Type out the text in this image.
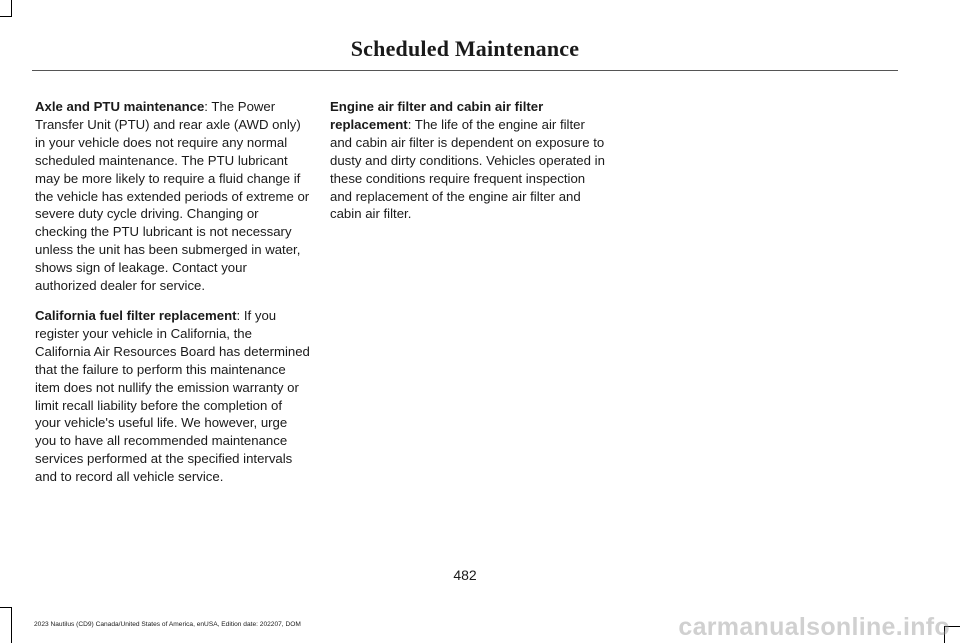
Scheduled Maintenance

Axle and PTU maintenance: The Power Transfer Unit (PTU) and rear axle (AWD only) in your vehicle does not require any normal scheduled maintenance. The PTU lubricant may be more likely to require a fluid change if the vehicle has extended periods of extreme or severe duty cycle driving. Changing or checking the PTU lubricant is not necessary unless the unit has been submerged in water, shows sign of leakage. Contact your authorized dealer for service.

California fuel filter replacement: If you register your vehicle in California, the California Air Resources Board has determined that the failure to perform this maintenance item does not nullify the emission warranty or limit recall liability before the completion of your vehicle's useful life. We however, urge you to have all recommended maintenance services performed at the specified intervals and to record all vehicle service.

Engine air filter and cabin air filter replacement: The life of the engine air filter and cabin air filter is dependent on exposure to dusty and dirty conditions. Vehicles operated in these conditions require frequent inspection and replacement of the engine air filter and cabin air filter.

482
2023 Nautilus (CD9) Canada/United States of America, enUSA, Edition date: 202207, DOM	carmanualsonline.info
